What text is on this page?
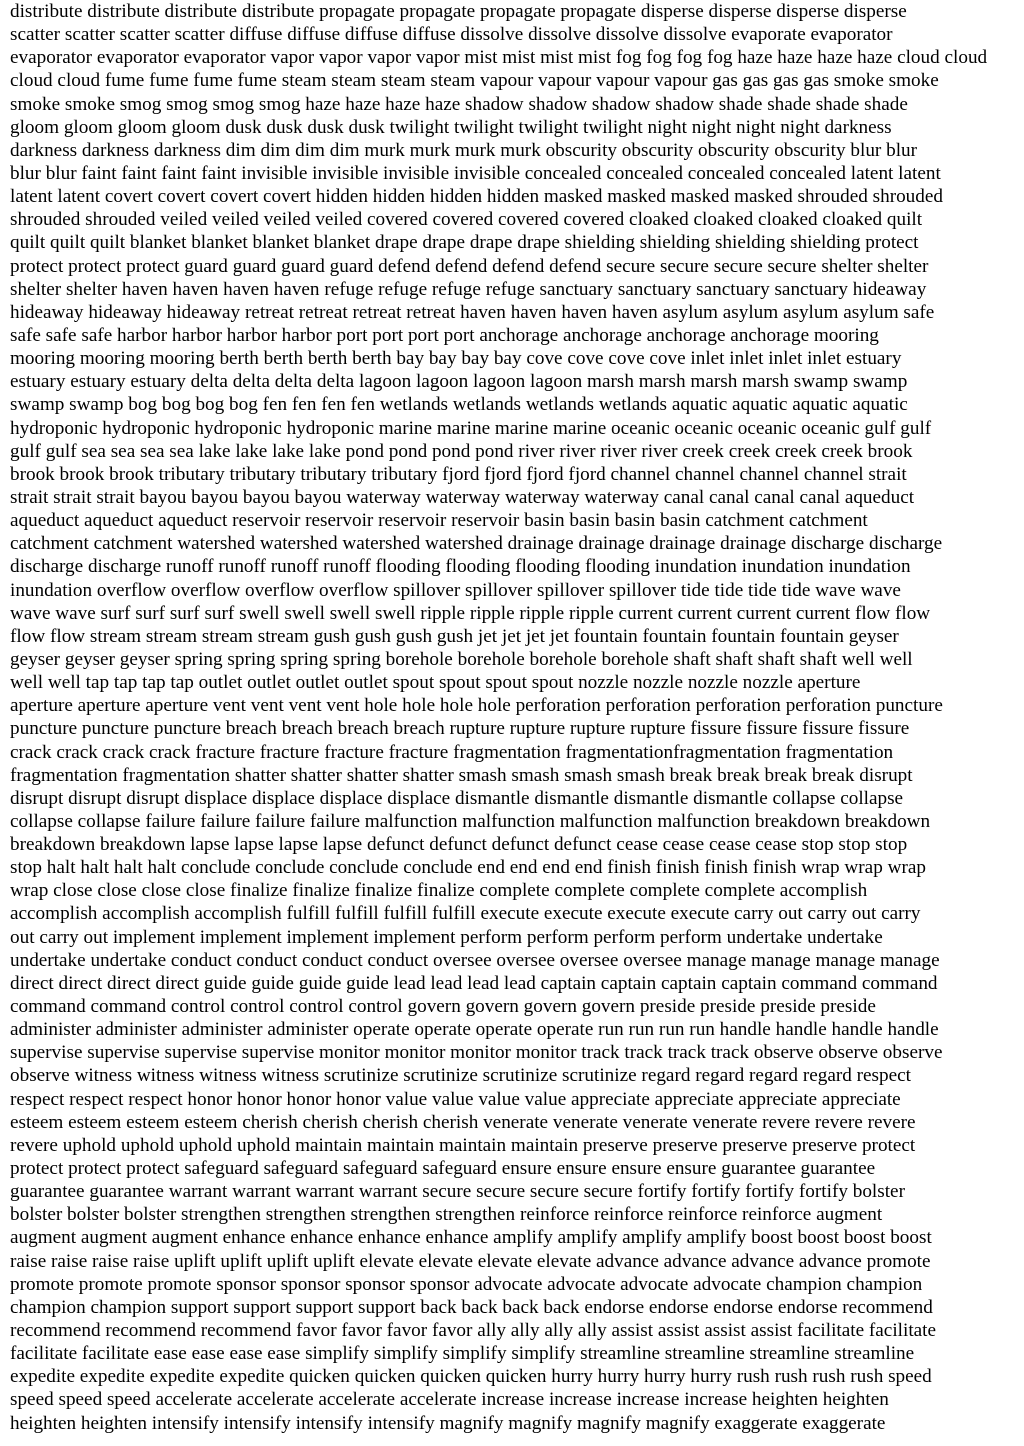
distribute distribute distribute distribute propagate propagate propagate propagate disperse disperse disperse disperse
scatter scatter scatter scatter diffuse diffuse diffuse diffuse dissolve dissolve dissolve dissolve evaporate evaporator
evaporator evaporator evaporator vapor vapor vapor vapor mist mist mist mist fog fog fog fog haze haze haze haze cloud cloud
cloud cloud fume fume fume fume steam steam steam steam vapour vapour vapour vapour gas gas gas gas smoke smoke
smoke smoke smog smog smog smog haze haze haze haze shadow shadow shadow shadow shade shade shade shade
gloom gloom gloom gloom dusk dusk dusk dusk twilight twilight twilight twilight night night night night darkness
darkness darkness darkness dim dim dim dim murk murk murk murk obscurity obscurity obscurity obscurity blur blur
blur blur faint faint faint faint invisible invisible invisible invisible concealed concealed concealed concealed latent latent
latent latent covert covert covert covert hidden hidden hidden hidden masked masked masked masked shrouded shrouded
shrouded shrouded veiled veiled veiled veiled covered covered covered covered cloaked cloaked cloaked cloaked quilt
quilt quilt quilt blanket blanket blanket blanket drape drape drape drape shielding shielding shielding shielding protect
protect protect protect guard guard guard guard defend defend defend defend secure secure secure secure shelter shelter
shelter shelter haven haven haven haven refuge refuge refuge refuge sanctuary sanctuary sanctuary sanctuary hideaway
hideaway hideaway hideaway retreat retreat retreat retreat haven haven haven haven asylum asylum asylum asylum safe
safe safe safe harbor harbor harbor harbor port port port port anchorage anchorage anchorage anchorage mooring
mooring mooring mooring berth berth berth berth bay bay bay bay cove cove cove cove inlet inlet inlet inlet estuary
estuary estuary estuary delta delta delta delta lagoon lagoon lagoon lagoon marsh marsh marsh marsh swamp swamp
swamp swamp bog bog bog bog fen fen fen fen wetlands wetlands wetlands wetlands aquatic aquatic aquatic aquatic
hydroponic hydroponic hydroponic hydroponic marine marine marine marine oceanic oceanic oceanic oceanic gulf gulf
gulf gulf sea sea sea sea lake lake lake lake pond pond pond pond river river river river creek creek creek creek brook
brook brook brook tributary tributary tributary tributary fjord fjord fjord fjord channel channel channel channel strait
strait strait strait bayou bayou bayou bayou waterway waterway waterway waterway canal canal canal canal aqueduct
aqueduct aqueduct aqueduct reservoir reservoir reservoir reservoir basin basin basin basin catchment catchment
catchment catchment watershed watershed watershed watershed drainage drainage drainage drainage discharge discharge
discharge discharge runoff runoff runoff runoff flooding flooding flooding flooding inundation inundation inundation
inundation overflow overflow overflow overflow spillover spillover spillover spillover tide tide tide tide wave wave
wave wave surf surf surf surf swell swell swell swell ripple ripple ripple ripple current current current current flow flow
flow flow stream stream stream stream gush gush gush gush jet jet jet jet fountain fountain fountain fountain geyser
geyser geyser geyser spring spring spring spring borehole borehole borehole borehole shaft shaft shaft shaft well well
well well tap tap tap tap outlet outlet outlet outlet spout spout spout spout nozzle nozzle nozzle nozzle aperture
aperture aperture aperture vent vent vent vent hole hole hole hole perforation perforation perforation perforation puncture
puncture puncture puncture breach breach breach breach rupture rupture rupture rupture fissure fissure fissure fissure
crack crack crack crack fracture fracture fracture fracture fragmentation fragmentationfragmentation fragmentation
fragmentation fragmentation shatter shatter shatter shatter smash smash smash smash break break break break disrupt
disrupt disrupt disrupt displace displace displace displace dismantle dismantle dismantle dismantle collapse collapse
collapse collapse failure failure failure failure malfunction malfunction malfunction malfunction breakdown breakdown
breakdown breakdown lapse lapse lapse lapse defunct defunct defunct defunct cease cease cease cease stop stop stop
stop halt halt halt halt conclude conclude conclude conclude end end end end finish finish finish finish wrap wrap wrap
wrap close close close close finalize finalize finalize finalize complete complete complete complete accomplish
accomplish accomplish accomplish fulfill fulfill fulfill fulfill execute execute execute execute carry out carry out carry
out carry out implement implement implement implement perform perform perform perform undertake undertake
undertake undertake conduct conduct conduct conduct oversee oversee oversee oversee manage manage manage manage
direct direct direct direct guide guide guide guide lead lead lead lead captain captain captain captain command command
command command control control control control govern govern govern govern preside preside preside preside
administer administer administer administer operate operate operate operate run run run run handle handle handle handle
supervise supervise supervise supervise monitor monitor monitor monitor track track track track observe observe observe
observe witness witness witness witness scrutinize scrutinize scrutinize scrutinize regard regard regard regard respect
respect respect respect honor honor honor honor value value value value appreciate appreciate appreciate appreciate
esteem esteem esteem esteem cherish cherish cherish cherish venerate venerate venerate venerate revere revere revere
revere uphold uphold uphold uphold maintain maintain maintain maintain preserve preserve preserve preserve protect
protect protect protect safeguard safeguard safeguard safeguard ensure ensure ensure ensure guarantee guarantee
guarantee guarantee warrant warrant warrant warrant secure secure secure secure fortify fortify fortify fortify bolster
bolster bolster bolster strengthen strengthen strengthen strengthen reinforce reinforce reinforce reinforce augment
augment augment augment enhance enhance enhance enhance amplify amplify amplify amplify boost boost boost boost
raise raise raise raise uplift uplift uplift uplift elevate elevate elevate elevate advance advance advance advance promote
promote promote promote sponsor sponsor sponsor sponsor advocate advocate advocate advocate champion champion
champion champion support support support support back back back back endorse endorse endorse endorse recommend
recommend recommend recommend favor favor favor favor ally ally ally ally assist assist assist assist facilitate facilitate
facilitate facilitate ease ease ease ease simplify simplify simplify simplify streamline streamline streamline streamline
expedite expedite expedite expedite quicken quicken quicken quicken hurry hurry hurry hurry rush rush rush rush speed
speed speed speed accelerate accelerate accelerate accelerate increase increase increase increase heighten heighten
heighten heighten intensify intensify intensify intensify magnify magnify magnify magnify exaggerate exaggerate
